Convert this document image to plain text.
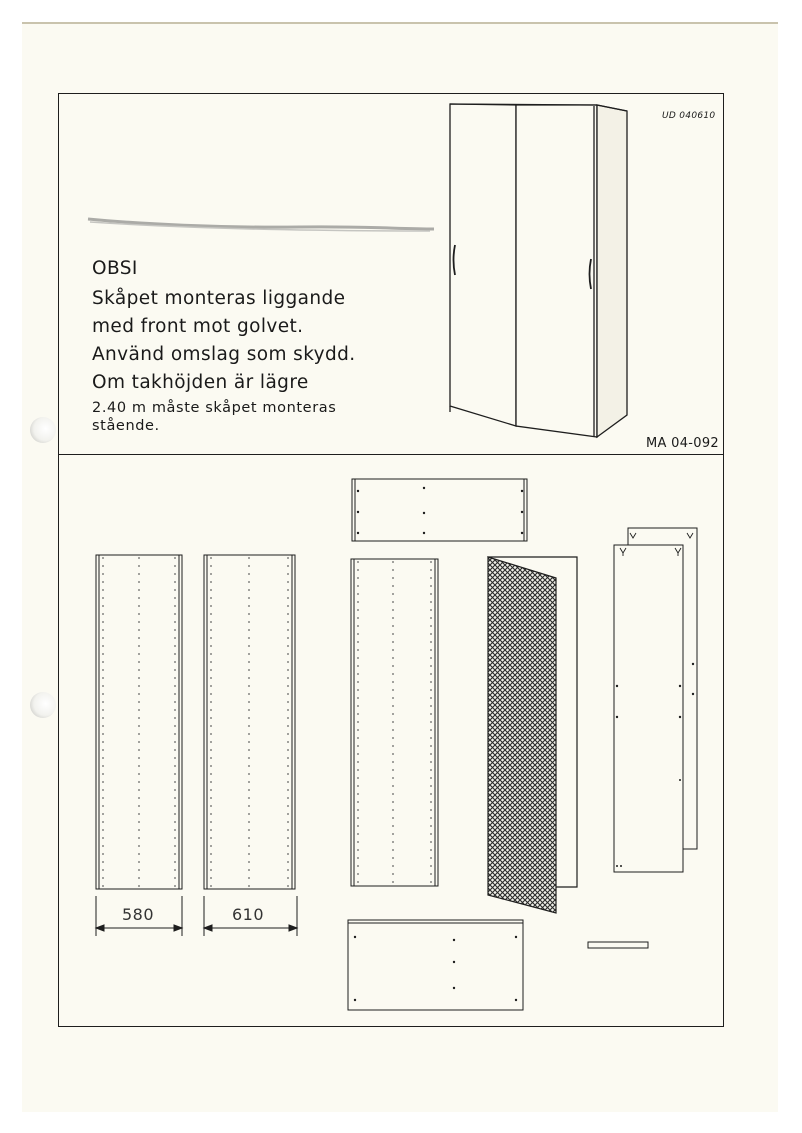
UD 040610
MA 04-092
OBSI
Skåpet monteras liggande
med front mot golvet.
Använd omslag som skydd.
Om takhöjden är lägre
2.40 m måste skåpet monteras
stående.
580	610
